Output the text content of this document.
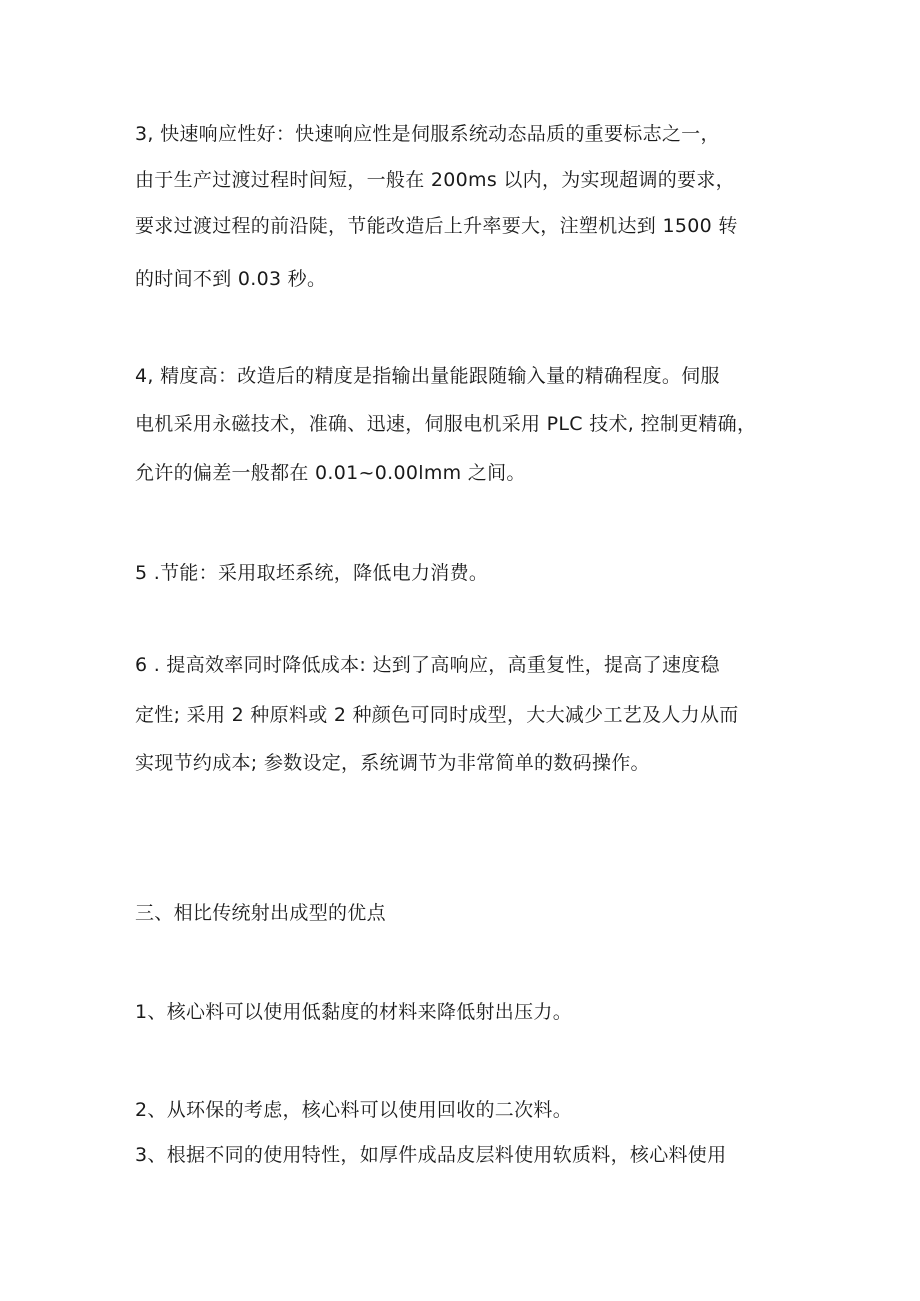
3, 快速响应性好：快速响应性是伺服系统动态品质的重要标志之一，
由于生产过渡过程时间短，一般在 200ms 以内，为实现超调的要求，
要求过渡过程的前沿陡，节能改造后上升率要大，注塑机达到 1500 转
的时间不到 0.03 秒。
4, 精度高：改造后的精度是指输出量能跟随输入量的精确程度。伺服
电机采用永磁技术，准确、迅速，伺服电机采用 PLC 技术, 控制更精确，
允许的偏差一般都在 0.01~0.00lmm 之间。
5 .节能：采用取坯系统，降低电力消费。
6 . 提高效率同时降低成本: 达到了高响应，高重复性，提高了速度稳
定性; 采用 2 种原料或 2 种颜色可同时成型，大大减少工艺及人力从而
实现节约成本; 参数设定，系统调节为非常简单的数码操作。
三、相比传统射出成型的优点
1、核心料可以使用低黏度的材料来降低射出压力。
2、从环保的考虑，核心料可以使用回收的二次料。
3、根据不同的使用特性，如厚件成品皮层料使用软质料，核心料使用
